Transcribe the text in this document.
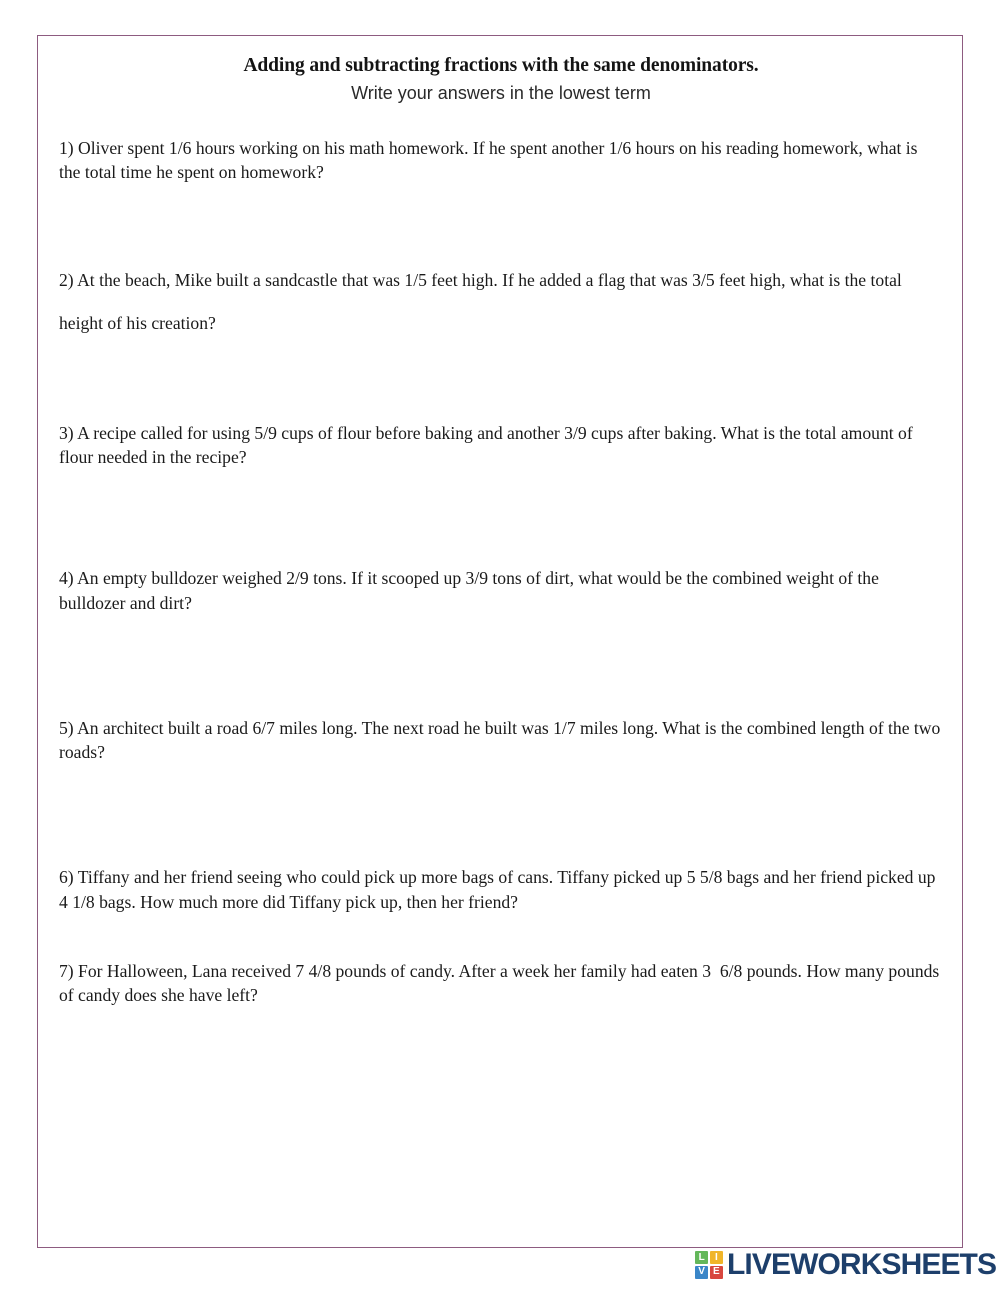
Adding and subtracting fractions with the same denominators.

Write your answers in the lowest term

1) Oliver spent 1/6 hours working on his math homework. If he spent another 1/6 hours on his reading homework, what is the total time he spent on homework?

2) At the beach, Mike built a sandcastle that was 1/5 feet high. If he added a flag that was 3/5 feet high, what is the total height of his creation?

3) A recipe called for using 5/9 cups of flour before baking and another 3/9 cups after baking. What is the total amount of flour needed in the recipe?

4) An empty bulldozer weighed 2/9 tons. If it scooped up 3/9 tons of dirt, what would be the combined weight of the bulldozer and dirt?

5) An architect built a road 6/7 miles long. The next road he built was 1/7 miles long. What is the combined length of the two roads?

6) Tiffany and her friend seeing who could pick up more bags of cans. Tiffany picked up 5 5/8 bags and her friend picked up 4 1/8 bags. How much more did Tiffany pick up, then her friend?

7) For Halloween, Lana received 7 4/8 pounds of candy. After a week her family had eaten 3  6/8 pounds. How many pounds of candy does she have left?

L	I
V E LIVEWORKSHEETS
